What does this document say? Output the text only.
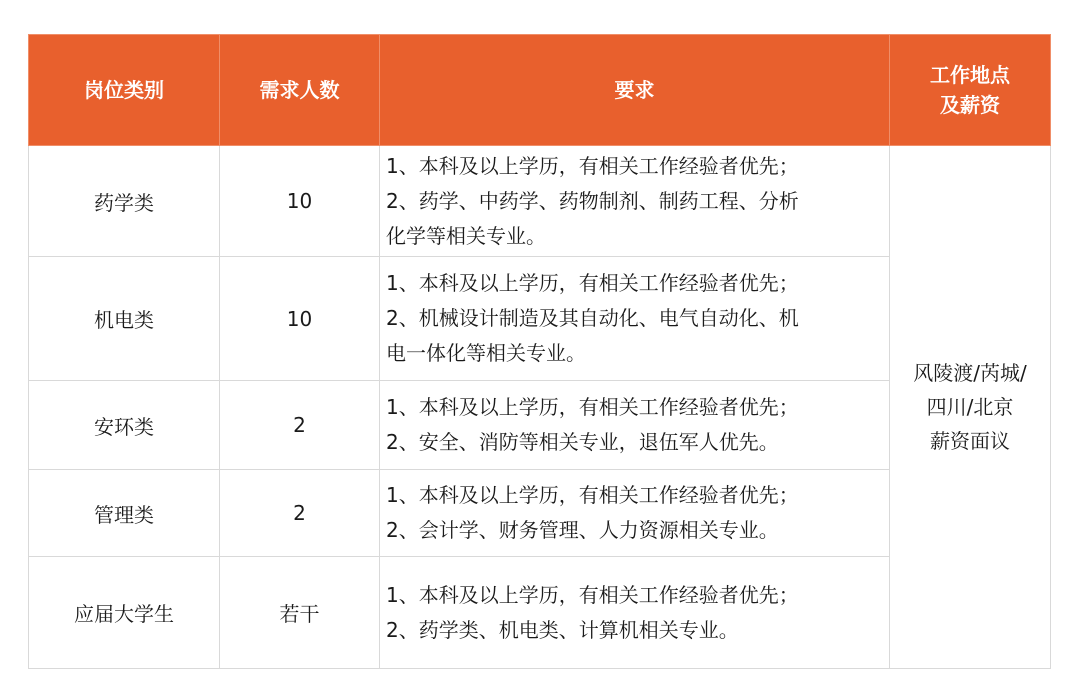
岗位类别	需求人数	要求	工作地点
及薪资

药学类	10	1、本科及以上学历，有相关工作经验者优先；
2、药学、中药学、药物制剂、制药工程、分析
化学等相关专业。	风陵渡/芮城/
四川/北京
薪资面议

机电类	10	1、本科及以上学历，有相关工作经验者优先；
2、机械设计制造及其自动化、电气自动化、机
电一体化等相关专业。	

安环类	2	1、本科及以上学历，有相关工作经验者优先；
2、安全、消防等相关专业，退伍军人优先。	

管理类	2	1、本科及以上学历，有相关工作经验者优先；
2、会计学、财务管理、人力资源相关专业。	

应届大学生	若干	1、本科及以上学历，有相关工作经验者优先；
2、药学类、机电类、计算机相关专业。	
